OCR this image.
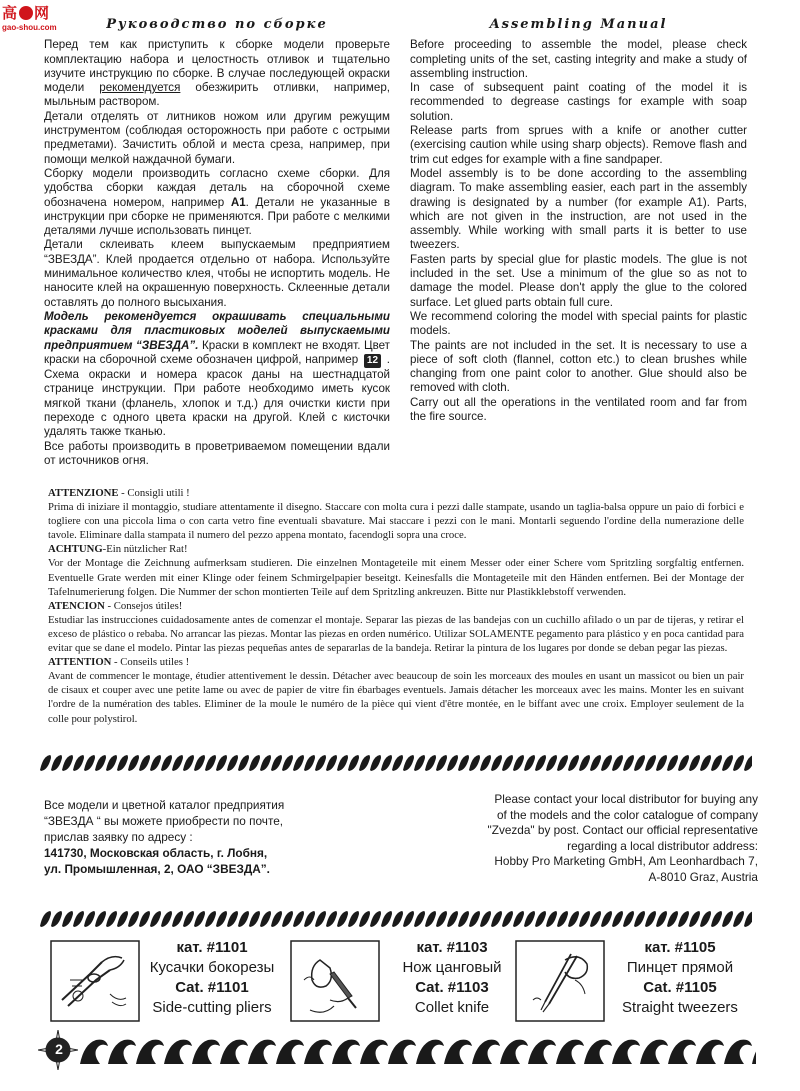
高 网
gao-shou.com	Руководство по сборке

Перед тем как приступить к сборке модели проверьте комплектацию набора и целостность отливок и тщательно изучите инструкцию по сборке. В случае последующей окраски модели рекомендуется обезжирить отливки, например, мыльным раствором.

Детали отделять от литников ножом или другим режущим инструментом (соблюдая осторожность при работе с острыми предметами). Зачистить облой и места среза, например, при помощи мелкой наждачной бумаги.

Сборку модели производить согласно схеме сборки. Для удобства сборки каждая деталь на сборочной схеме обозначена номером, например А1. Детали не указанные в инструкции при сборке не применяются. При работе с мелкими деталями лучше использовать пинцет.

Детали склеивать клеем выпускаемым предприятием “ЗВЕЗДА”. Клей продается отдельно от набора. Используйте минимальное количество клея, чтобы не испортить модель. Не наносите клей на окрашенную поверхность. Склеенные детали оставлять до полного высыхания.

Модель рекомендуется окрашивать специальными красками для пластиковых моделей выпускаемыми предприятием “ЗВЕЗДА”. Краски в комплект не входят. Цвет краски на сборочной схеме обозначен цифрой, например 12 . Схема окраски и номера красок даны на шестнадцатой странице инструкции. При работе необходимо иметь кусок мягкой ткани (фланель, хлопок и т.д.) для очистки кисти при переходе с одного цвета краски на другой. Клей с кисточки удалять также тканью.

Все работы производить в проветриваемом помещении вдали от источников огня.

Assembling Manual

Before proceeding to assemble the model, please check completing units of the set, casting integrity and make a study of assembling instruction.

In case of subsequent paint coating of the model it is recommended to degrease castings for example with soap solution.

Release parts from sprues with a knife or another cutter (exercising caution while using sharp objects). Remove flash and trim cut edges for example with a fine sandpaper.

Model assembly is to be done according to the assembling diagram. To make assembling easier, each part in the assembly drawing is designated by a number (for example A1). Parts, which are not given in the instruction, are not used in the assembly. While working with small parts it is better to use tweezers.

Fasten parts by special glue for plastic models. The glue is not included in the set. Use a minimum of the glue so as not to damage the model. Please don't apply the glue to the colored surface. Let glued parts obtain full cure.

We recommend coloring the model with special paints for plastic models.

The paints are not included in the set. It is necessary to use a piece of soft cloth (flannel, cotton etc.) to clean brushes while changing from one paint color to another. Glue should also be removed with cloth.

Carry out all the operations in the ventilated room and far from the fire source.

ATTENZIONE - Consigli utili !
Prima di iniziare il montaggio, studiare attentamente il disegno. Staccare con molta cura i pezzi dalle stampate, usando un taglia-balsa oppure un paio di forbici e togliere con una piccola lima o con carta vetro fine eventuali sbavature. Mai staccare i pezzi con le mani. Montarli seguendo l'ordine della numerazione delle tavole. Eliminare dalla stampata il numero del pezzo appena montato, facendogli sopra una croce.
ACHTUNG-Ein nützlicher Rat!
Vor der Montage die Zeichnung aufmerksam studieren. Die einzelnen Montageteile mit einem Messer oder einer Schere vom Spritzling sorgfaltig entfernen. Eventuelle Grate werden mit einer Klinge oder feinem Schmirgelpapier beseitgt. Keinesfalls die Montageteile mit den Händen entfernen. Bei der Montage der Tafelnumerierung folgen. Die Nummer der schon montierten Teile auf dem Spritzling ankreuzen. Bitte nur Plastikklebstoff verwenden.
ATENCION - Consejos útiles!
Estudiar las instrucciones cuidadosamente antes de comenzar el montaje. Separar las piezas de las bandejas con un cuchillo afilado o un par de tijeras, y retirar el exceso de plástico o rebaba. No arrancar las piezas. Montar las piezas en orden numérico. Utilizar SOLAMENTE pegamento para plástico y en poca cantidad para evitar que se dane el modelo. Pintar las piezas pequeñas antes de separarlas de la bandeja. Retirar la pintura de los lugares por donde se deban pegar las piezas.
ATTENTION - Conseils utiles !
Avant de commencer le montage, étudier attentivement le dessin. Détacher avec beaucoup de soin les morceaux des moules en usant un massicot ou bien un pair de cisaux et couper avec une petite lame ou avec de papier de vitre fin ébarbages eventuels. Jamais détacher les morceaux avec les mains. Monter les en suivant l'ordre de la numération des tables. Eliminer de la moule le numéro de la pièce qui vient d'être montée, en le biffant avec une croix. Employer seulement de la colle pour polystirol.
Все модели и цветной каталог предприятия
“ЗВЕЗДА “ вы можете приобрести по почте,
прислав заявку по адресу :
141730, Московская область, г. Лобня,
ул. Промышленная, 2, ОАО “ЗВЕЗДА”.

Please contact your local distributor for buying any

of the models and the color catalogue of company

"Zvezda" by post. Contact our official representative

regarding a local distributor address:

Hobby Pro Marketing GmbH, Am Leonhardbach 7,

A-8010 Graz, Austria

кат. #1101
Кусачки бокорезы
Cat. #1101
Side-cutting pliers
кат. #1103
Нож цанговый
Cat. #1103
Collet knife
кат. #1105
Пинцет прямой
Cat. #1105
Straight tweezers
2
